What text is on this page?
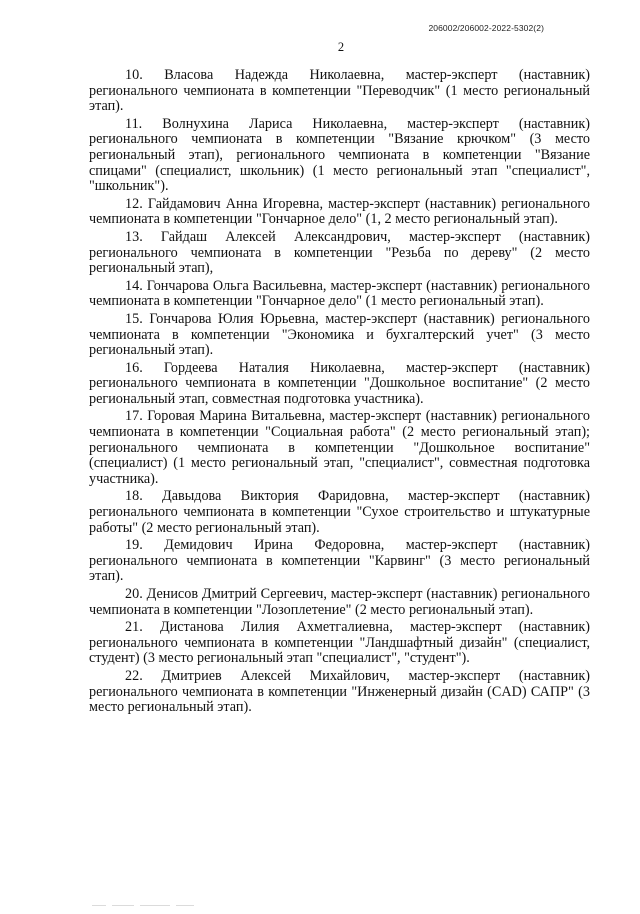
206002/206002-2022-5302(2)
2

10. Власова Надежда Николаевна, мастер-эксперт (наставник) регионального чемпионата в компетенции "Переводчик" (1 место региональный этап).

11. Волнухина Лариса Николаевна, мастер-эксперт (наставник) регионального чемпионата в компетенции "Вязание крючком" (3 место региональный этап), регионального чемпионата в компетенции "Вязание спицами" (специалист, школьник) (1 место региональный этап "специалист", "школьник").

12. Гайдамович Анна Игоревна, мастер-эксперт (наставник) регионального чемпионата в компетенции "Гончарное дело" (1, 2 место региональный этап).

13. Гайдаш Алексей Александрович, мастер-эксперт (наставник) регионального чемпионата в компетенции "Резьба по дереву" (2 место региональный этап),

14. Гончарова Ольга Васильевна, мастер-эксперт (наставник) регионального чемпионата в компетенции "Гончарное дело" (1 место региональный этап).

15. Гончарова Юлия Юрьевна, мастер-эксперт (наставник) регионального чемпионата в компетенции "Экономика и бухгалтерский учет" (3 место региональный этап).

16. Гордеева Наталия Николаевна, мастер-эксперт (наставник) регионального чемпионата в компетенции "Дошкольное воспитание" (2 место региональный этап, совместная подготовка участника).

17. Горовая Марина Витальевна, мастер-эксперт (наставник) регионального чемпионата в компетенции "Социальная работа" (2 место региональный этап); регионального чемпионата в компетенции "Дошкольное воспитание" (специалист) (1 место региональный этап, "специалист", совместная подготовка участника).

18. Давыдова Виктория Фаридовна, мастер-эксперт (наставник) регионального чемпионата в компетенции "Сухое строительство и штукатурные работы" (2 место региональный этап).

19. Демидович Ирина Федоровна, мастер-эксперт (наставник) регионального чемпионата в компетенции "Карвинг" (3 место региональный этап).

20. Денисов Дмитрий Сергеевич, мастер-эксперт (наставник) регионального чемпионата в компетенции "Лозоплетение" (2 место региональный этап).

21. Дистанова Лилия Ахметгалиевна, мастер-эксперт (наставник) регионального чемпионата в компетенции "Ландшафтный дизайн" (специалист, студент) (3 место региональный этап "специалист", "студент").

22. Дмитриев Алексей Михайлович, мастер-эксперт (наставник) регионального чемпионата в компетенции "Инженерный дизайн (CAD) САПР" (3 место региональный этап).
